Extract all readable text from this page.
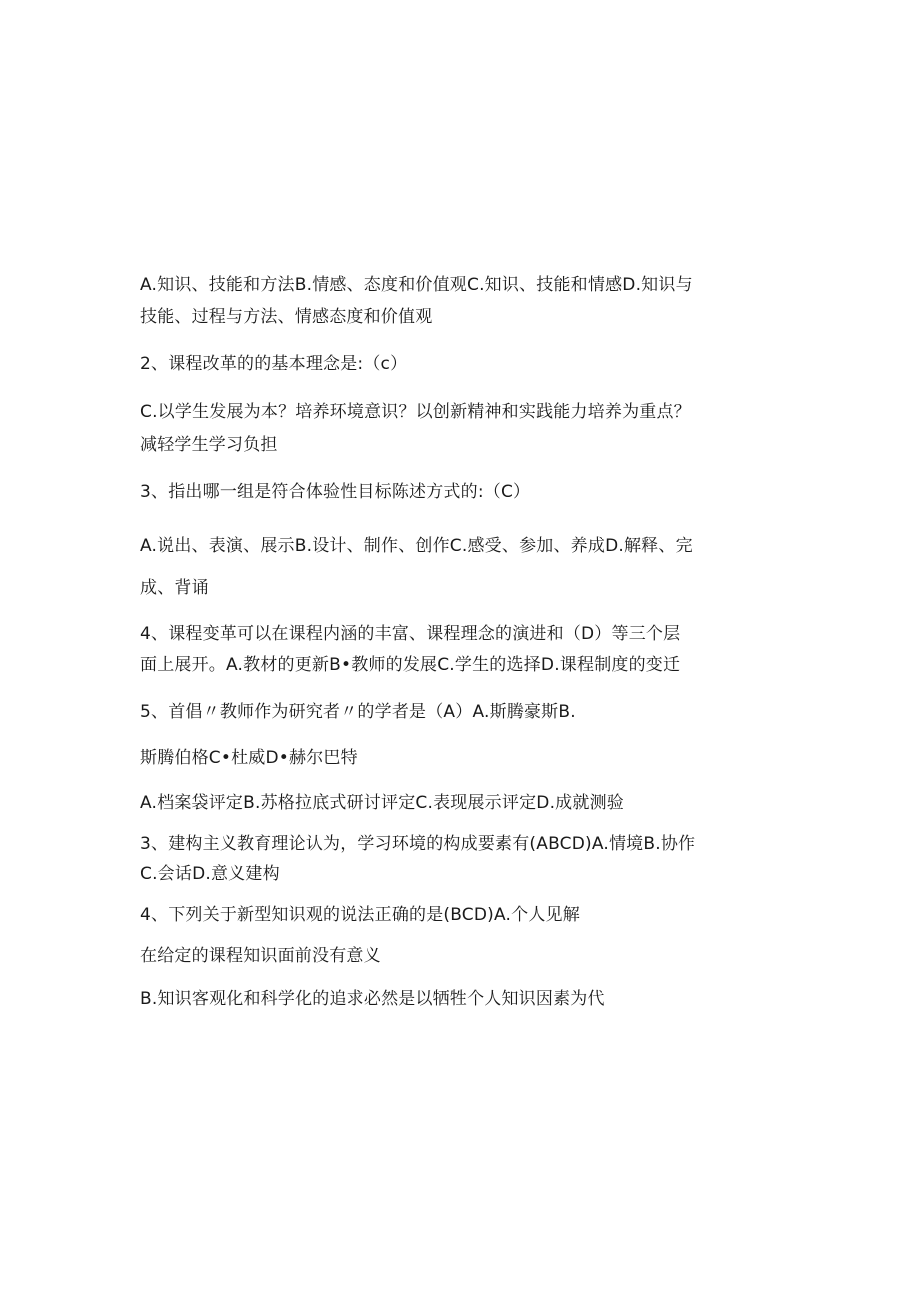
A.知识、技能和方法B.情感、态度和价值观C.知识、技能和情感D.知识与
技能、过程与方法、情感态度和价值观
2、课程改革的的基本理念是:（c）
C.以学生发展为本？培养环境意识？以创新精神和实践能力培养为重点？
减轻学生学习负担
3、指出哪一组是符合体验性目标陈述方式的:（C）
A.说出、表演、展示B.设计、制作、创作C.感受、参加、养成D.解释、完
成、背诵
4、课程变革可以在课程内涵的丰富、课程理念的演进和（D）等三个层
面上展开。A.教材的更新B•教师的发展C.学生的选择D.课程制度的变迁
5、首倡〃教师作为研究者〃的学者是（A）A.斯腾豪斯B.
斯腾伯格C•杜威D•赫尔巴特
A.档案袋评定B.苏格拉底式研讨评定C.表现展示评定D.成就测验
3、建构主义教育理论认为，学习环境的构成要素有(ABCD)A.情境B.协作
C.会话D.意义建构
4、下列关于新型知识观的说法正确的是(BCD)A.个人见解
在给定的课程知识面前没有意义
B.知识客观化和科学化的追求必然是以牺牲个人知识因素为代
